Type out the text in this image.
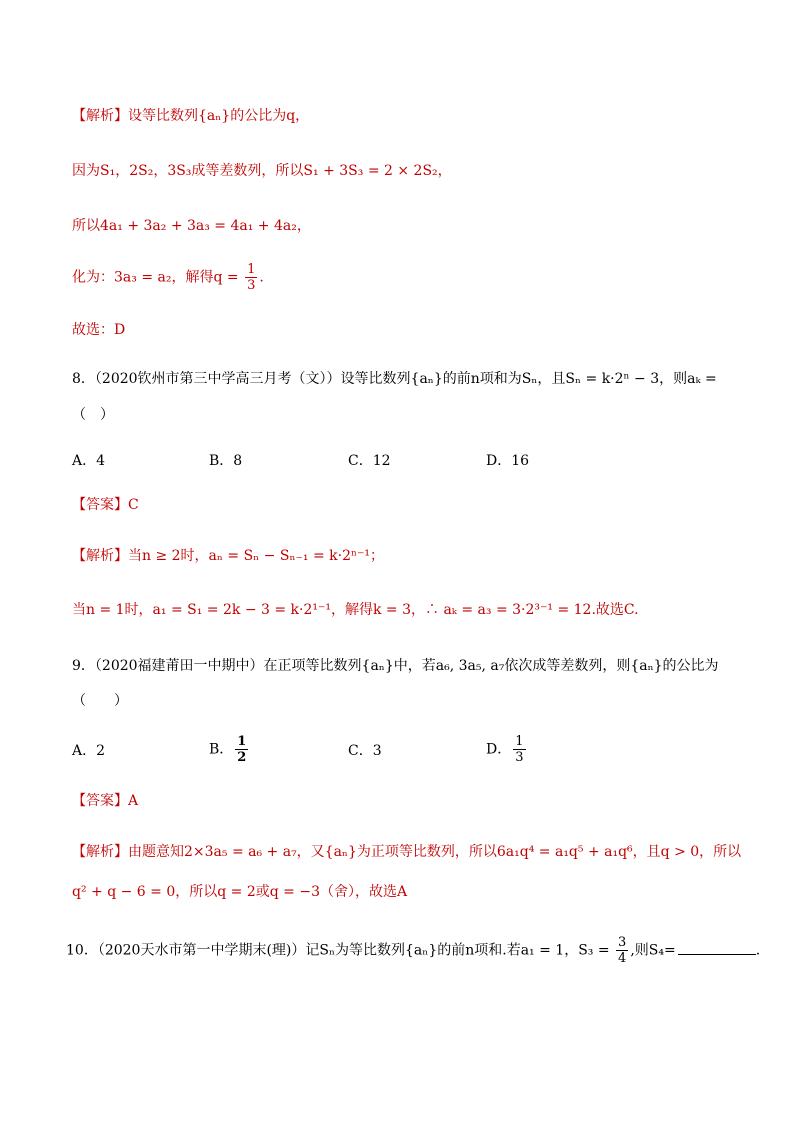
【解析】设等比数列{aₙ}的公比为q，
因为S₁，2S₂，3S₃成等差数列，所以S₁ + 3S₃ = 2 × 2S₂，
所以4a₁ + 3a₂ + 3a₃ = 4a₁ + 4a₂，
化为：3a₃ = a₂，解得$q = \frac{1}{3}$ .
故选：D
8．（2020钦州市第三中学高三月考（文））设等比数列{aₙ}的前n项和为Sₙ，且Sₙ = k·2ⁿ − 3，则aₖ =
（　）
A．4	B．8	C．12	D．16
【答案】C
【解析】当n ≥ 2时，aₙ = Sₙ − Sₙ₋₁ = k·2ⁿ⁻¹；
当n = 1时，a₁ = S₁ = 2k − 3 = k·2¹⁻¹，解得k = 3，∴ aₖ = a₃ = 3·2³⁻¹ = 12.故选C.
9．（2020福建莆田一中期中）在正项等比数列{aₙ}中，若a₆, 3a₅, a₇依次成等差数列，则{aₙ}的公比为
（　　）
A．2	B． $\frac{1}{2}$	C．3	D． $\frac{1}{3}$
【答案】A
【解析】由题意知2×3a₅ = a₆ + a₇，又{aₙ}为正项等比数列，所以6a₁q⁴ = a₁q⁵ + a₁q⁶，且q > 0，所以
q² + q − 6 = 0，所以q = 2或q = −3（舍），故选A
10．（2020天水市第一中学期末(理)）记Sₙ为等比数列{aₙ}的前n项和.若a₁ = 1，$S_3 = \frac{3}{4}$ ,则S₄=	.
